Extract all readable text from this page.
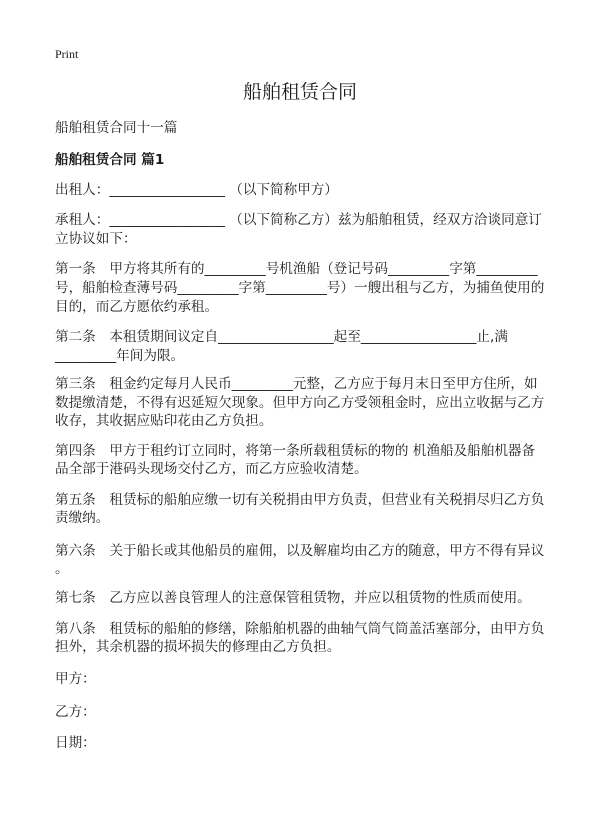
Print
船舶租赁合同
船舶租赁合同十一篇
船舶租赁合同 篇1
出租人：_________________ （以下简称甲方）
承租人：_________________ （以下简称乙方）兹为船舶租赁，经双方洽谈同意订
立协议如下：
第一条　甲方将其所有的_________号机渔船（登记号码_________字第_________
号，船舶检查薄号码_________字第_________号）一艘出租与乙方，为捕鱼使用的
目的，而乙方愿依约承租。
第二条　本租赁期间议定自_________________起至_________________止,满
_________年间为限。
第三条　租金约定每月人民币_________元整，乙方应于每月末日至甲方住所，如
数提缴清楚，不得有迟延短欠现象。但甲方向乙方受领租金时，应出立收据与乙方
收存，其收据应贴印花由乙方负担。
第四条　甲方于租约订立同时，将第一条所载租赁标的物的 机渔船及船舶机器备
品全部于港码头现场交付乙方，而乙方应验收清楚。
第五条　租赁标的船舶应缴一切有关税捐由甲方负责，但营业有关税捐尽归乙方负
责缴纳。
第六条　关于船长或其他船员的雇佣，以及解雇均由乙方的随意，甲方不得有异议
。
第七条　乙方应以善良管理人的注意保管租赁物，并应以租赁物的性质而使用。
第八条　租赁标的船舶的修缮，除船舶机器的曲轴气筒气筒盖活塞部分，由甲方负
担外，其余机器的损坏损失的修理由乙方负担。
甲方：
乙方：
日期：
